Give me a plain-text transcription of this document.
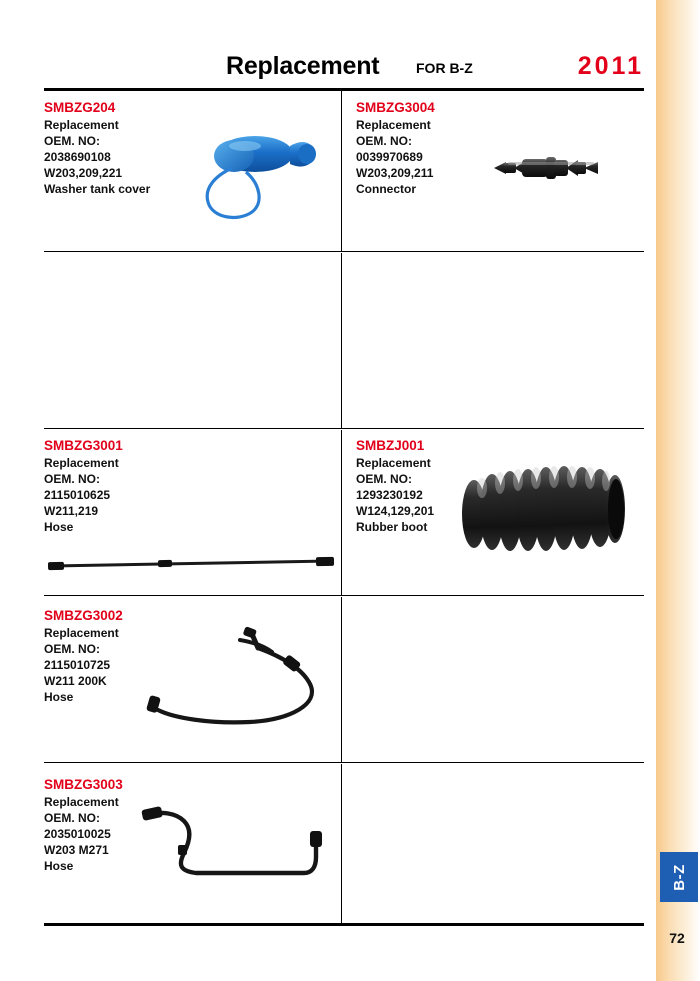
B-Z
72
Replacement	FOR B-Z	2011
SMBZG204
Replacement
OEM. NO:
2038690108
W203,209,221
Washer tank cover
SMBZG3004
Replacement
OEM. NO:
0039970689
W203,209,211
Connector
SMBZG3001
Replacement
OEM. NO:
2115010625
W211,219
Hose
SMBZJ001
Replacement
OEM. NO:
1293230192
W124,129,201
Rubber boot
SMBZG3002
Replacement
OEM. NO:
2115010725
W211 200K
Hose
SMBZG3003
Replacement
OEM. NO:
2035010025
W203 M271
Hose
